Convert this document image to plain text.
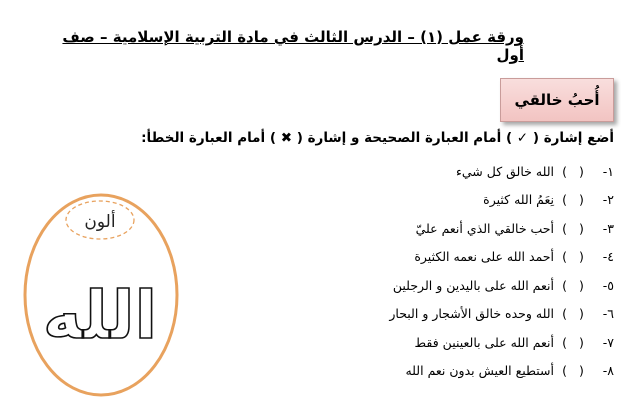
ورقة عمل (١) – الدرس الثالث في مادة التربية الإسلامية – صف أول
أُحبُ خالقي
أضع إشارة ( ✓ ) أمام العبارة الصحيحة و إشارة ( ✖ ) أمام العبارة الخطأ:
١-
(   )
الله خالق كل شيء
٢-
(   )
نِعَمُ الله كثيرة
٣-
(   )
أحب خالقي الذي أنعم عليّ
٤-
(   )
أحمد الله على نعمه الكثيرة
٥-
(   )
أنعم الله على باليدين و الرجلين
٦-
(   )
الله وحده خالق الأشجار و البحار
٧-
(   )
أنعم الله على بالعينين فقط
٨-
(   )
أستطيع العيش بدون نعم الله
ألون
الله
